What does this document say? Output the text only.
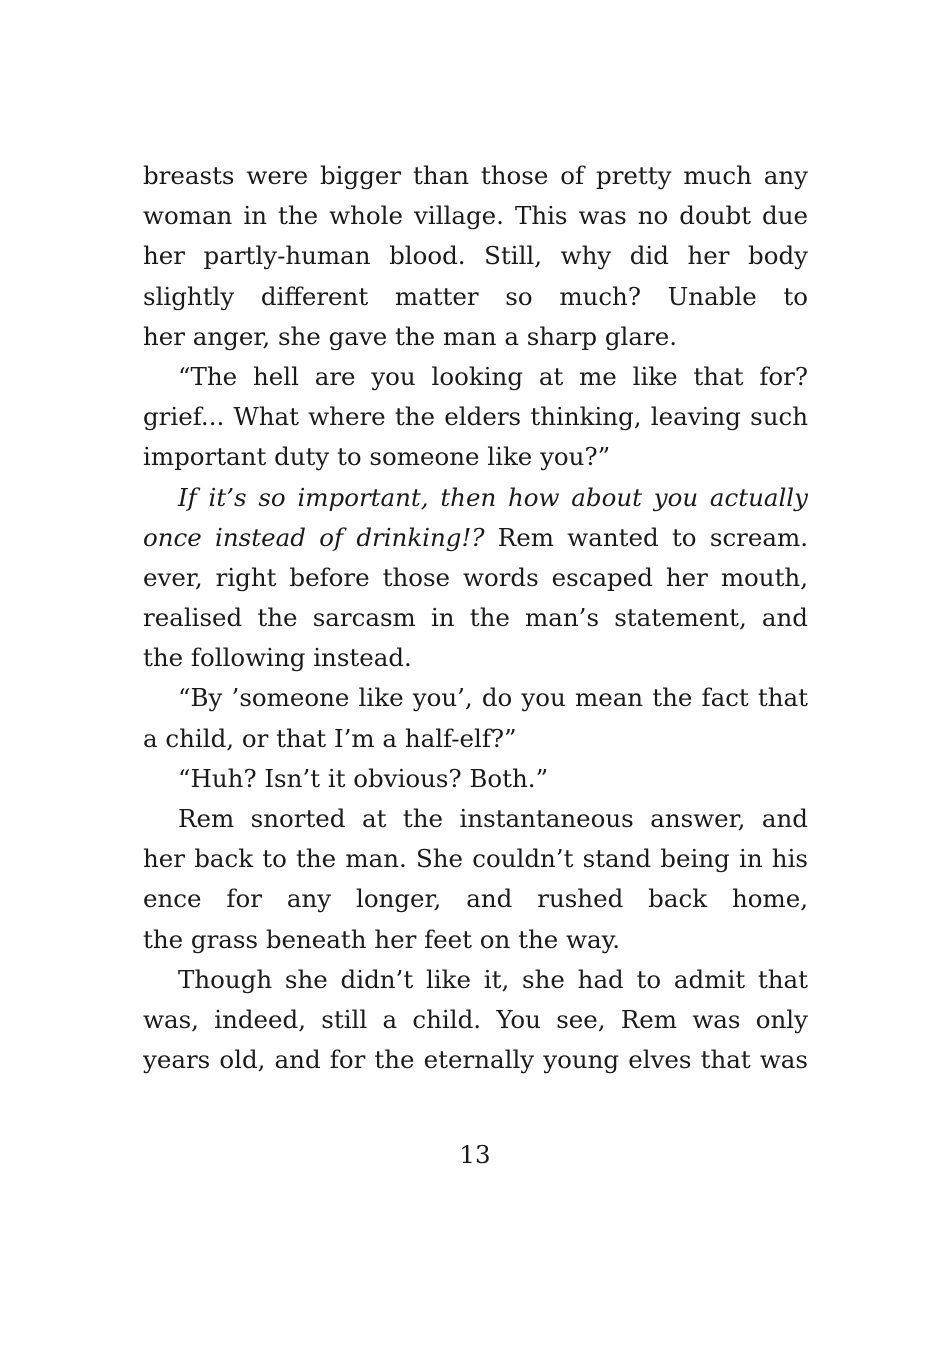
breasts were bigger than those of pretty much any
woman in the whole village. This was no doubt due
her partly-human blood. Still, why did her body
slightly different matter so much? Unable to
her anger, she gave the man a sharp glare.
“The hell are you looking at me like that for?
grief... What where the elders thinking, leaving such
important duty to someone like you?”
If it’s so important, then how about you actually
once instead of drinking!? Rem wanted to scream.
ever, right before those words escaped her mouth,
realised the sarcasm in the man’s statement, and
the following instead.
“By ’someone like you’, do you mean the fact that
a child, or that I’m a half-elf?”
“Huh? Isn’t it obvious? Both.”
Rem snorted at the instantaneous answer, and
her back to the man. She couldn’t stand being in his
ence for any longer, and rushed back home,
the grass beneath her feet on the way.
Though she didn’t like it, she had to admit that
was, indeed, still a child. You see, Rem was only
years old, and for the eternally young elves that was
13
